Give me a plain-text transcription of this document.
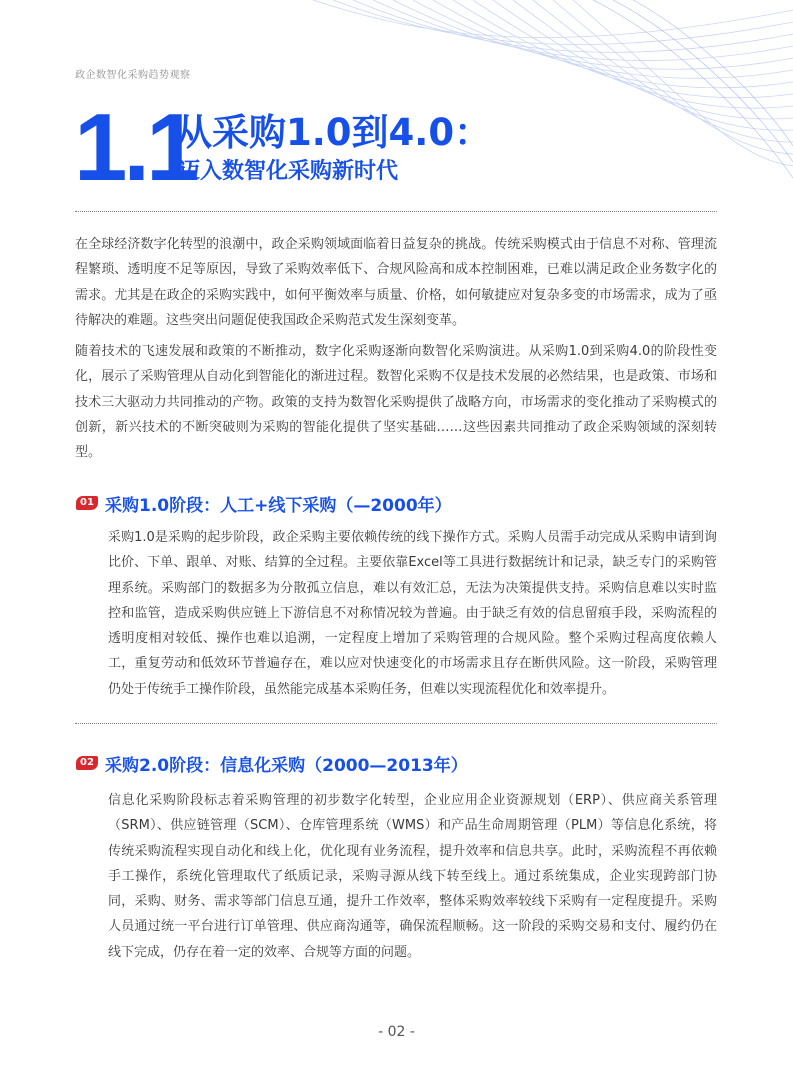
政企数智化采购趋势观察
1.1
从采购1.0到4.0：
迈入数智化采购新时代

在全球经济数字化转型的浪潮中，政企采购领域面临着日益复杂的挑战。传统采购模式由于信息不对称、管理流程繁琐、透明度不足等原因，导致了采购效率低下、合规风险高和成本控制困难，已难以满足政企业务数字化的需求。尤其是在政企的采购实践中，如何平衡效率与质量、价格，如何敏捷应对复杂多变的市场需求，成为了亟待解决的难题。这些突出问题促使我国政企采购范式发生深刻变革。

随着技术的飞速发展和政策的不断推动，数字化采购逐渐向数智化采购演进。从采购1.0到采购4.0的阶段性变化，展示了采购管理从自动化到智能化的渐进过程。数智化采购不仅是技术发展的必然结果，也是政策、市场和技术三大驱动力共同推动的产物。政策的支持为数智化采购提供了战略方向，市场需求的变化推动了采购模式的创新，新兴技术的不断突破则为采购的智能化提供了坚实基础……这些因素共同推动了政企采购领域的深刻转型。

01 采购1.0阶段：人工+线下采购（—2000年）

采购1.0是采购的起步阶段，政企采购主要依赖传统的线下操作方式。采购人员需手动完成从采购申请到询比价、下单、跟单、对账、结算的全过程。主要依靠Excel等工具进行数据统计和记录，缺乏专门的采购管理系统。采购部门的数据多为分散孤立信息，难以有效汇总，无法为决策提供支持。采购信息难以实时监控和监管，造成采购供应链上下游信息不对称情况较为普遍。由于缺乏有效的信息留痕手段，采购流程的透明度相对较低、操作也难以追溯，一定程度上增加了采购管理的合规风险。整个采购过程高度依赖人工，重复劳动和低效环节普遍存在，难以应对快速变化的市场需求且存在断供风险。这一阶段，采购管理仍处于传统手工操作阶段，虽然能完成基本采购任务，但难以实现流程优化和效率提升。

02 采购2.0阶段：信息化采购（2000—2013年）

信息化采购阶段标志着采购管理的初步数字化转型，企业应用企业资源规划（ERP）、供应商关系管理（SRM）、供应链管理（SCM）、仓库管理系统（WMS）和产品生命周期管理（PLM）等信息化系统，将传统采购流程实现自动化和线上化，优化现有业务流程，提升效率和信息共享。此时，采购流程不再依赖手工操作，系统化管理取代了纸质记录，采购寻源从线下转至线上。通过系统集成，企业实现跨部门协同，采购、财务、需求等部门信息互通，提升工作效率，整体采购效率较线下采购有一定程度提升。采购人员通过统一平台进行订单管理、供应商沟通等，确保流程顺畅。这一阶段的采购交易和支付、履约仍在线下完成，仍存在着一定的效率、合规等方面的问题。

- 02 -
